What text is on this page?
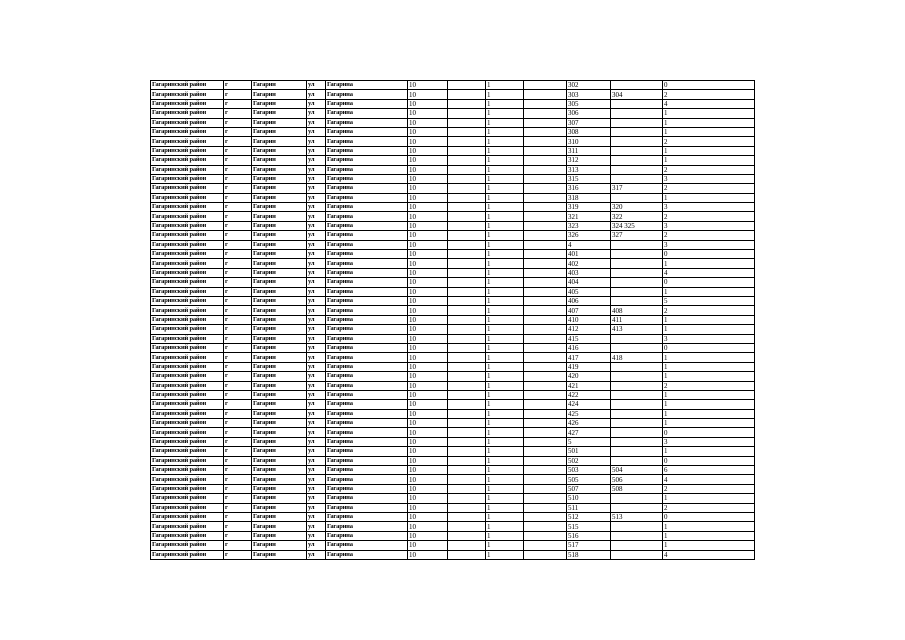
Гагаринский район	г	Гагарин	ул	Гагарина	10		1		302		0
Гагаринский район	г	Гагарин	ул	Гагарина	10		1		303	304	2
Гагаринский район	г	Гагарин	ул	Гагарина	10		1		305		4
Гагаринский район	г	Гагарин	ул	Гагарина	10		1		306		1
Гагаринский район	г	Гагарин	ул	Гагарина	10		1		307		1
Гагаринский район	г	Гагарин	ул	Гагарина	10		1		308		1
Гагаринский район	г	Гагарин	ул	Гагарина	10		1		310		2
Гагаринский район	г	Гагарин	ул	Гагарина	10		1		311		1
Гагаринский район	г	Гагарин	ул	Гагарина	10		1		312		1
Гагаринский район	г	Гагарин	ул	Гагарина	10		1		313		2
Гагаринский район	г	Гагарин	ул	Гагарина	10		1		315		3
Гагаринский район	г	Гагарин	ул	Гагарина	10		1		316	317	2
Гагаринский район	г	Гагарин	ул	Гагарина	10		1		318		1
Гагаринский район	г	Гагарин	ул	Гагарина	10		1		319	320	3
Гагаринский район	г	Гагарин	ул	Гагарина	10		1		321	322	2
Гагаринский район	г	Гагарин	ул	Гагарина	10		1		323	324 325	3
Гагаринский район	г	Гагарин	ул	Гагарина	10		1		326	327	2
Гагаринский район	г	Гагарин	ул	Гагарина	10		1		4		3
Гагаринский район	г	Гагарин	ул	Гагарина	10		1		401		0
Гагаринский район	г	Гагарин	ул	Гагарина	10		1		402		1
Гагаринский район	г	Гагарин	ул	Гагарина	10		1		403		4
Гагаринский район	г	Гагарин	ул	Гагарина	10		1		404		0
Гагаринский район	г	Гагарин	ул	Гагарина	10		1		405		1
Гагаринский район	г	Гагарин	ул	Гагарина	10		1		406		5
Гагаринский район	г	Гагарин	ул	Гагарина	10		1		407	408	2
Гагаринский район	г	Гагарин	ул	Гагарина	10		1		410	411	1
Гагаринский район	г	Гагарин	ул	Гагарина	10		1		412	413	1
Гагаринский район	г	Гагарин	ул	Гагарина	10		1		415		3
Гагаринский район	г	Гагарин	ул	Гагарина	10		1		416		0
Гагаринский район	г	Гагарин	ул	Гагарина	10		1		417	418	1
Гагаринский район	г	Гагарин	ул	Гагарина	10		1		419		1
Гагаринский район	г	Гагарин	ул	Гагарина	10		1		420		1
Гагаринский район	г	Гагарин	ул	Гагарина	10		1		421		2
Гагаринский район	г	Гагарин	ул	Гагарина	10		1		422		1
Гагаринский район	г	Гагарин	ул	Гагарина	10		1		424		1
Гагаринский район	г	Гагарин	ул	Гагарина	10		1		425		1
Гагаринский район	г	Гагарин	ул	Гагарина	10		1		426		1
Гагаринский район	г	Гагарин	ул	Гагарина	10		1		427		0
Гагаринский район	г	Гагарин	ул	Гагарина	10		1		5		3
Гагаринский район	г	Гагарин	ул	Гагарина	10		1		501		1
Гагаринский район	г	Гагарин	ул	Гагарина	10		1		502		0
Гагаринский район	г	Гагарин	ул	Гагарина	10		1		503	504	6
Гагаринский район	г	Гагарин	ул	Гагарина	10		1		505	506	4
Гагаринский район	г	Гагарин	ул	Гагарина	10		1		507	508	2
Гагаринский район	г	Гагарин	ул	Гагарина	10		1		510		1
Гагаринский район	г	Гагарин	ул	Гагарина	10		1		511		2
Гагаринский район	г	Гагарин	ул	Гагарина	10		1		512	513	0
Гагаринский район	г	Гагарин	ул	Гагарина	10		1		515		1
Гагаринский район	г	Гагарин	ул	Гагарина	10		1		516		1
Гагаринский район	г	Гагарин	ул	Гагарина	10		1		517		1
Гагаринский район	г	Гагарин	ул	Гагарина	10		1		518		4
